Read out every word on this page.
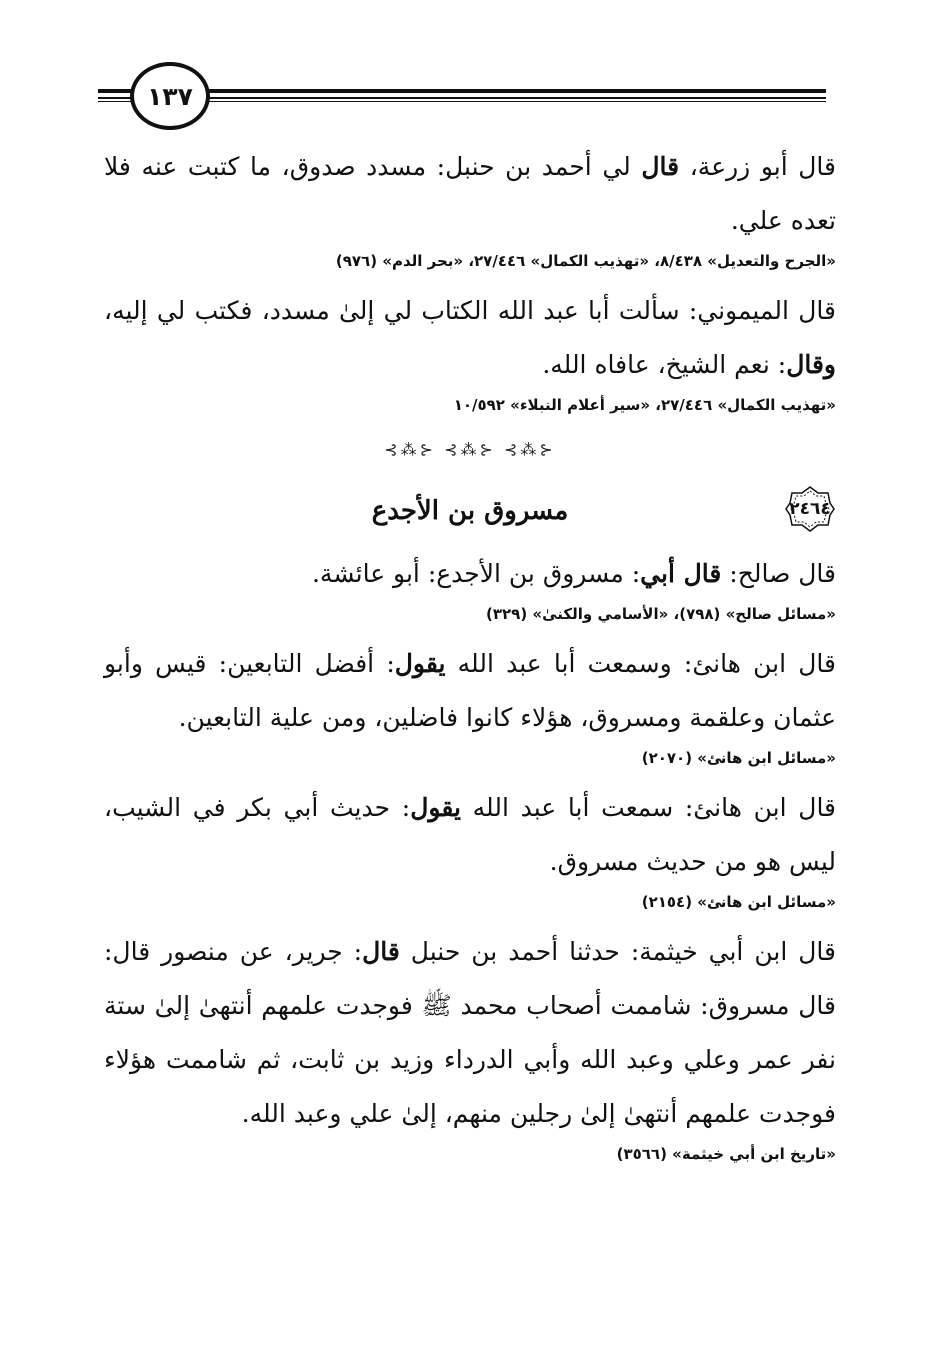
١٣٧

قال أبو زرعة، قال لي أحمد بن حنبل: مسدد صدوق، ما كتبت عنه فلا تعده علي.

«الجرح والتعديل» ٨/٤٣٨، «تهذيب الكمال» ٢٧/٤٤٦، «بحر الدم» (٩٧٦)

قال الميموني: سألت أبا عبد الله الكتاب لي إلىٰ مسدد، فكتب لي إليه، وقال: نعم الشيخ، عافاه الله.

«تهذيب الكمال» ٢٧/٤٤٦، «سير أعلام النبلاء» ١٠/٥٩٢
⊰⁂⊱ ⊰⁂⊱ ⊰⁂⊱
٢٤٦٤
مسروق بن الأجدع

قال صالح: قال أبي: مسروق بن الأجدع: أبو عائشة.

«مسائل صالح» (٧٩٨)، «الأسامي والكنىٰ» (٣٢٩)

قال ابن هانئ: وسمعت أبا عبد الله يقول: أفضل التابعين: قيس وأبو عثمان وعلقمة ومسروق، هؤلاء كانوا فاضلين، ومن علية التابعين.

«مسائل ابن هانئ» (٢٠٧٠)

قال ابن هانئ: سمعت أبا عبد الله يقول: حديث أبي بكر في الشيب، ليس هو من حديث مسروق.

«مسائل ابن هانئ» (٢١٥٤)

قال ابن أبي خيثمة: حدثنا أحمد بن حنبل قال: جرير، عن منصور قال: قال مسروق: شاممت أصحاب محمد ﷺ فوجدت علمهم أنتهىٰ إلىٰ ستة نفر عمر وعلي وعبد الله وأبي الدرداء وزيد بن ثابت، ثم شاممت هؤلاء فوجدت علمهم أنتهىٰ إلىٰ رجلين منهم، إلىٰ علي وعبد الله.

«تاريخ ابن أبي خيثمة» (٣٥٦٦)
